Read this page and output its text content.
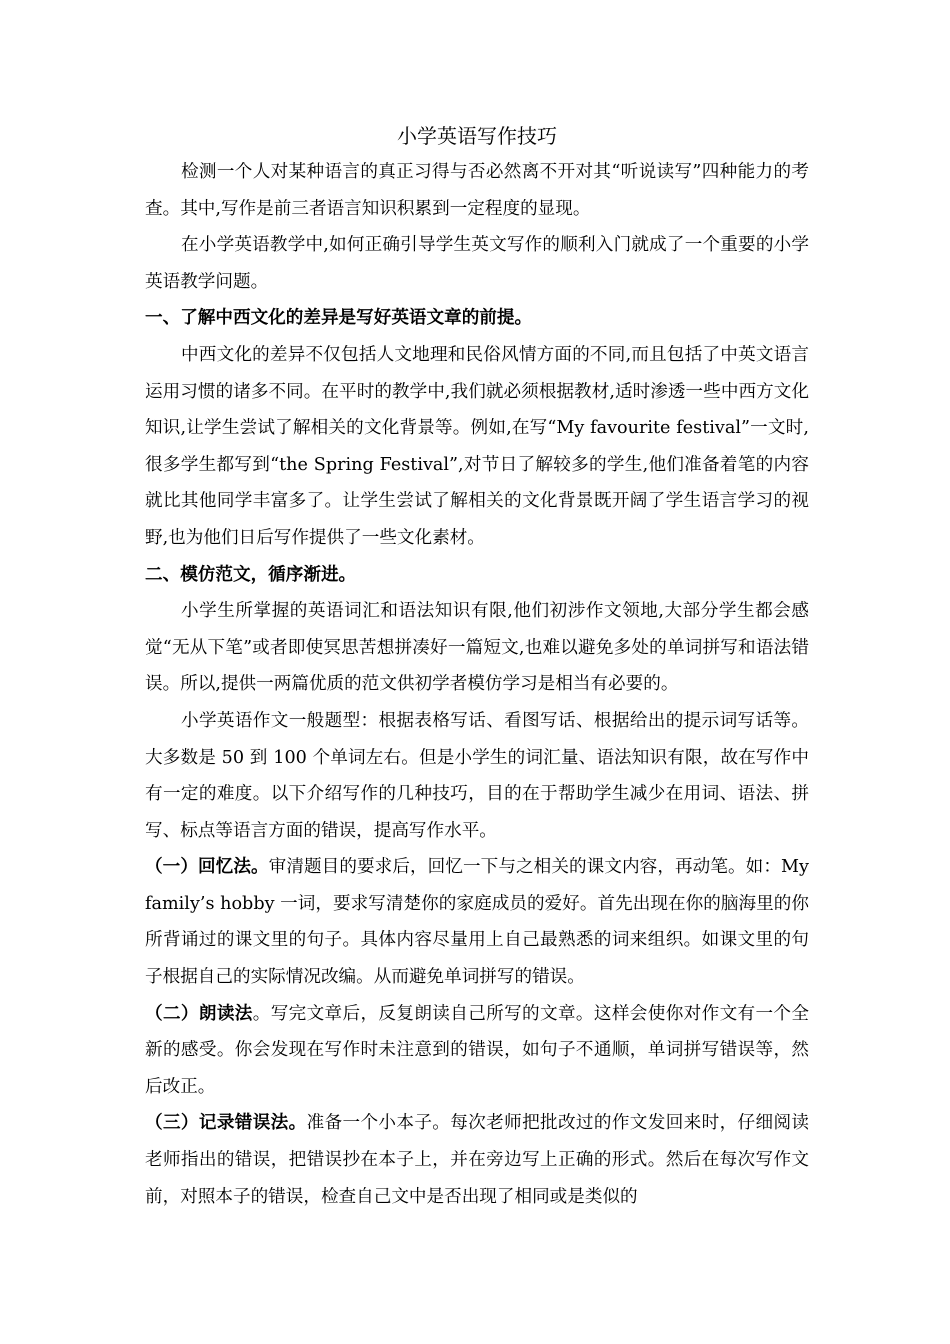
小学英语写作技巧

检测一个人对某种语言的真正习得与否必然离不开对其“听说读写”四种能力的考查。其中,写作是前三者语言知识积累到一定程度的显现。

在小学英语教学中,如何正确引导学生英文写作的顺利入门就成了一个重要的小学英语教学问题。

一、了解中西文化的差异是写好英语文章的前提。

中西文化的差异不仅包括人文地理和民俗风情方面的不同,而且包括了中英文语言运用习惯的诸多不同。在平时的教学中,我们就必须根据教材,适时渗透一些中西方文化知识,让学生尝试了解相关的文化背景等。例如,在写“My favourite festival”一文时,很多学生都写到“the Spring Festival”,对节日了解较多的学生,他们准备着笔的内容就比其他同学丰富多了。让学生尝试了解相关的文化背景既开阔了学生语言学习的视野,也为他们日后写作提供了一些文化素材。

二、模仿范文，循序渐进。

小学生所掌握的英语词汇和语法知识有限,他们初涉作文领地,大部分学生都会感觉“无从下笔”或者即使冥思苦想拼凑好一篇短文,也难以避免多处的单词拼写和语法错误。所以,提供一两篇优质的范文供初学者模仿学习是相当有必要的。

小学英语作文一般题型：根据表格写话、看图写话、根据给出的提示词写话等。大多数是 50 到 100 个单词左右。但是小学生的词汇量、语法知识有限，故在写作中有一定的难度。以下介绍写作的几种技巧，目的在于帮助学生减少在用词、语法、拼写、标点等语言方面的错误，提高写作水平。

（一）回忆法。审清题目的要求后，回忆一下与之相关的课文内容，再动笔。如：My family’s hobby 一词，要求写清楚你的家庭成员的爱好。首先出现在你的脑海里的你所背诵过的课文里的句子。具体内容尽量用上自己最熟悉的词来组织。如课文里的句子根据自己的实际情况改编。从而避免单词拼写的错误。

（二）朗读法。写完文章后，反复朗读自己所写的文章。这样会使你对作文有一个全新的感受。你会发现在写作时未注意到的错误，如句子不通顺，单词拼写错误等，然后改正。

（三）记录错误法。准备一个小本子。每次老师把批改过的作文发回来时，仔细阅读老师指出的错误，把错误抄在本子上，并在旁边写上正确的形式。然后在每次写作文前，对照本子的错误，检查自己文中是否出现了相同或是类似的
